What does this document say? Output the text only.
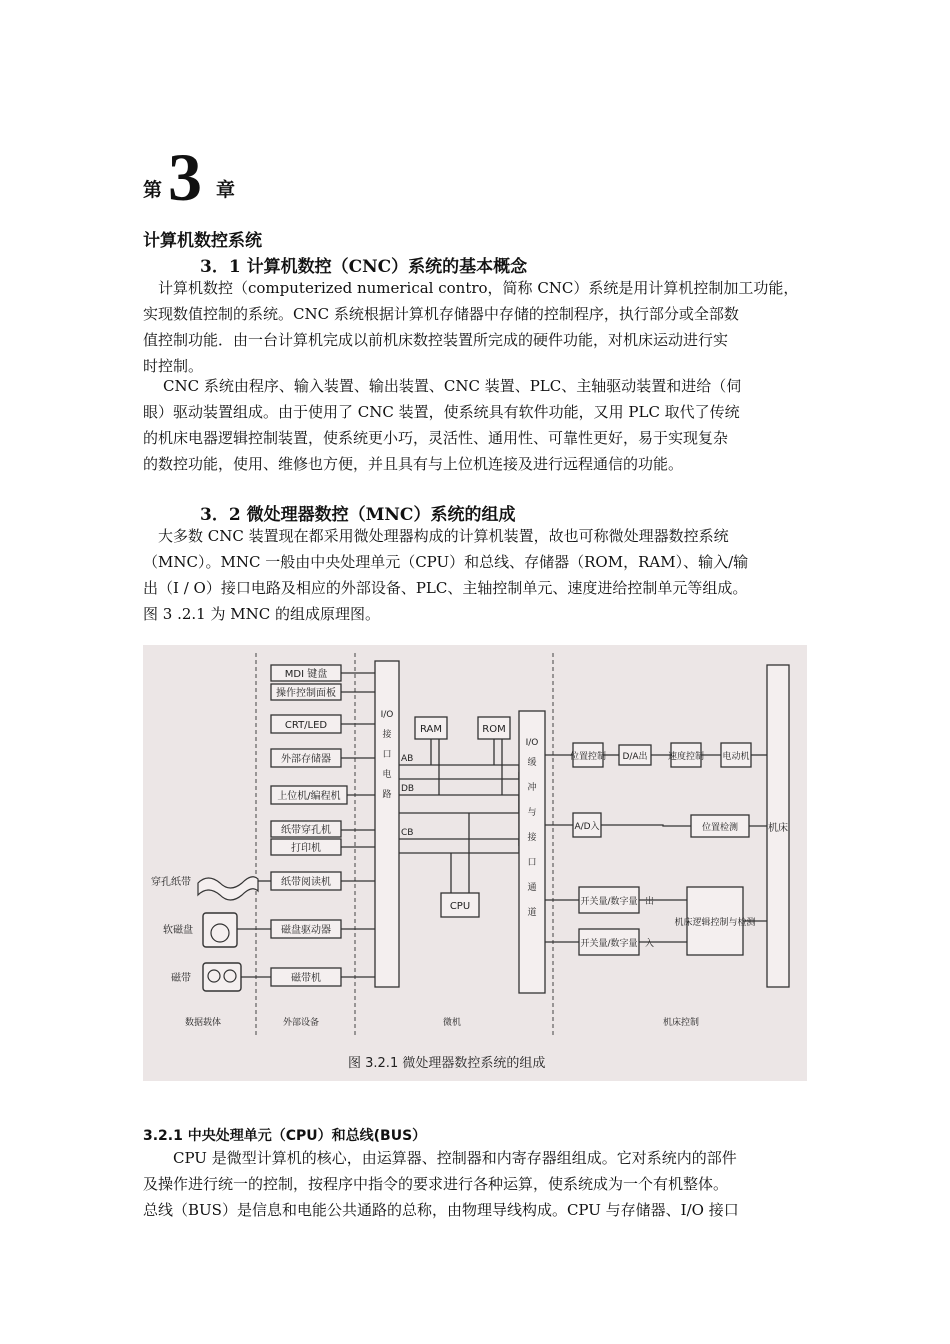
第 3 章
计算机数控系统
3．1 计算机数控（CNC）系统的基本概念
计算机数控（computerized numerical contro，简称 CNC）系统是用计算机控制加工功能，
实现数值控制的系统。CNC 系统根据计算机存储器中存储的控制程序，执行部分或全部数
值控制功能．由一台计算机完成以前机床数控装置所完成的硬件功能，对机床运动进行实
时控制。
CNC 系统由程序、输入装置、输出装置、CNC 装置、PLC、主轴驱动装置和进给（伺
眼）驱动装置组成。由于使用了 CNC 装置，使系统具有软件功能，又用 PLC 取代了传统
的机床电器逻辑控制装置，使系统更小巧，灵活性、通用性、可靠性更好，易于实现复杂
的数控功能，使用、维修也方便，并且具有与上位机连接及进行远程通信的功能。
3．2 微处理器数控（MNC）系统的组成
大多数 CNC 装置现在都采用微处理器构成的计算机装置，故也可称微处理器数控系统
（MNC）。MNC 一般由中央处理单元（CPU）和总线、存储器（ROM，RAM）、输入/输
出（I / O）接口电路及相应的外部设备、PLC、主轴控制单元、速度进给控制单元等组成。
图 3 .2.1 为 MNC 的组成原理图。
MDI 键盘
操作控制面板
CRT/LED
外部存储器
上位机/编程机
纸带穿孔机
打印机
纸带阅读机
磁盘驱动器
磁带机
穿孔纸带
软磁盘
磁带
I/O
接
口
电
路
AB
DB
CB
RAM	ROM
CPU
I/O
缓
冲
与
接
口
通
道
位置控制 D/A出 速度控制 电动机
A/D入	位置检测
开关量/数字量 出
开关量/数字量 入
机床逻辑控制与检测
机床
数据载体	外部设备	微机	机床控制
图 3.2.1 微处理器数控系统的组成
3.2.1 中央处理单元（CPU）和总线(BUS）
CPU 是微型计算机的核心，由运算器、控制器和内寄存器组组成。它对系统内的部件
及操作进行统一的控制，按程序中指令的要求进行各种运算，使系统成为一个有机整体。
总线（BUS）是信息和电能公共通路的总称，由物理导线构成。CPU 与存储器、I/O 接口
